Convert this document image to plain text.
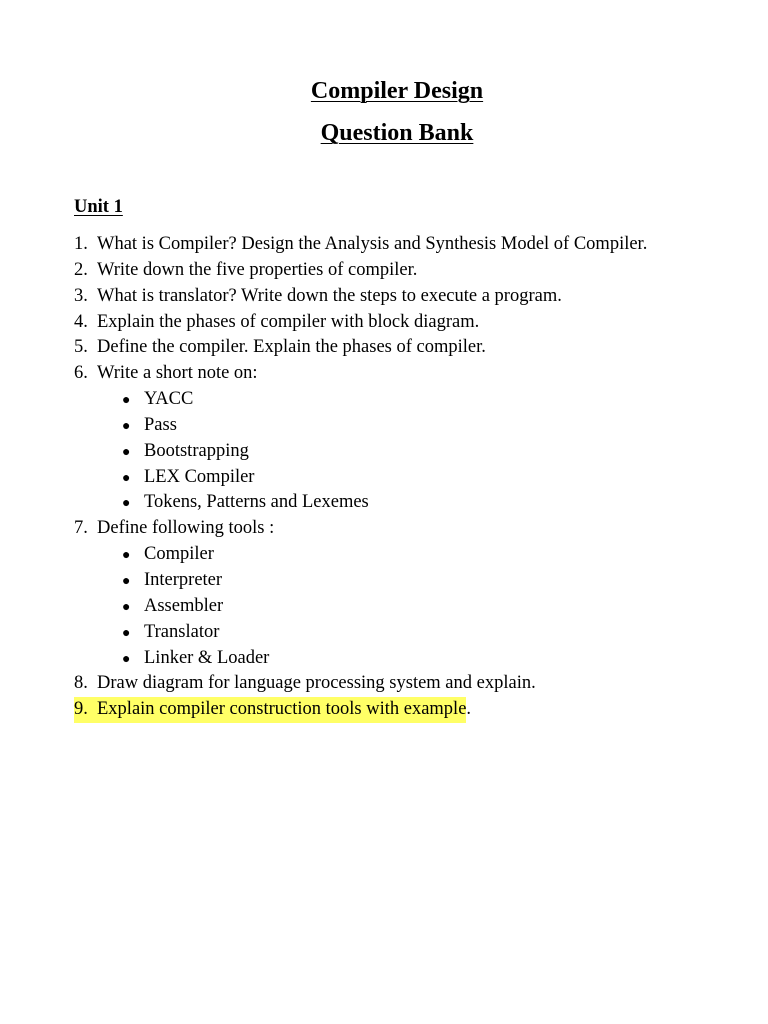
Compiler Design
Question Bank
Unit 1
1. What is Compiler? Design the Analysis and Synthesis Model of Compiler.
2. Write down the five properties of compiler.
3. What is translator? Write down the steps to execute a program.
4. Explain the phases of compiler with block diagram.
5. Define the compiler. Explain the phases of compiler.
6. Write a short note on:
● YACC
● Pass
● Bootstrapping
● LEX Compiler
● Tokens, Patterns and Lexemes
7. Define following tools :
● Compiler
● Interpreter
● Assembler
● Translator
● Linker & Loader
8. Draw diagram for language processing system and explain.
9. Explain compiler construction tools with example.
